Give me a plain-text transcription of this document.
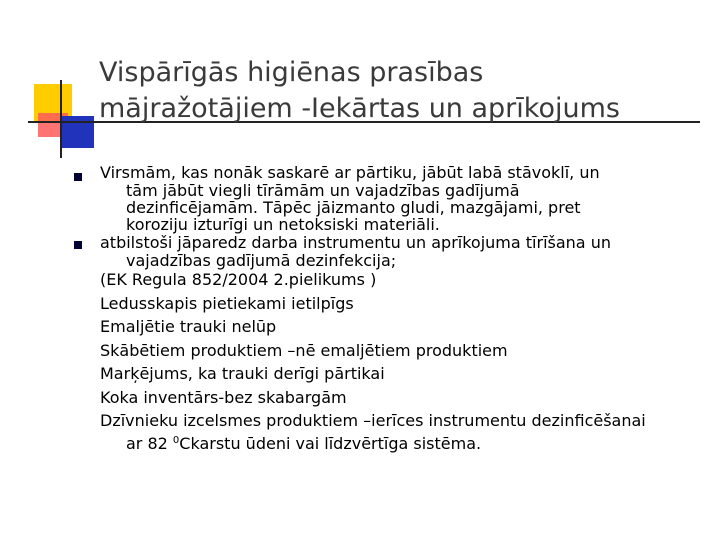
Vispārīgās higiēnas prasības
mājražotājiem -Iekārtas un aprīkojums

Virsmām, kas nonāk saskarē ar pārtiku, jābūt labā stāvoklī, un

tām jābūt viegli tīrāmām un vajadzības gadījumā

dezinficējamām. Tāpēc jāizmanto gludi, mazgājami, pret

koroziju izturīgi un netoksiski materiāli.

atbilstoši jāparedz darba instrumentu un aprīkojuma tīrīšana un

vajadzības gadījumā dezinfekcija;

(EK Regula 852/2004 2.pielikums )

Ledusskapis pietiekami ietilpīgs

Emaljētie trauki nelūp

Skābētiem produktiem –nē emaljētiem produktiem

Marķējums, ka trauki derīgi pārtikai

Koka inventārs-bez skabargām

Dzīvnieku izcelsmes produktiem –ierīces instrumentu dezinficēšanai
ar 82 $^0$Ckarstu ūdeni vai līdzvērtīga sistēma.
